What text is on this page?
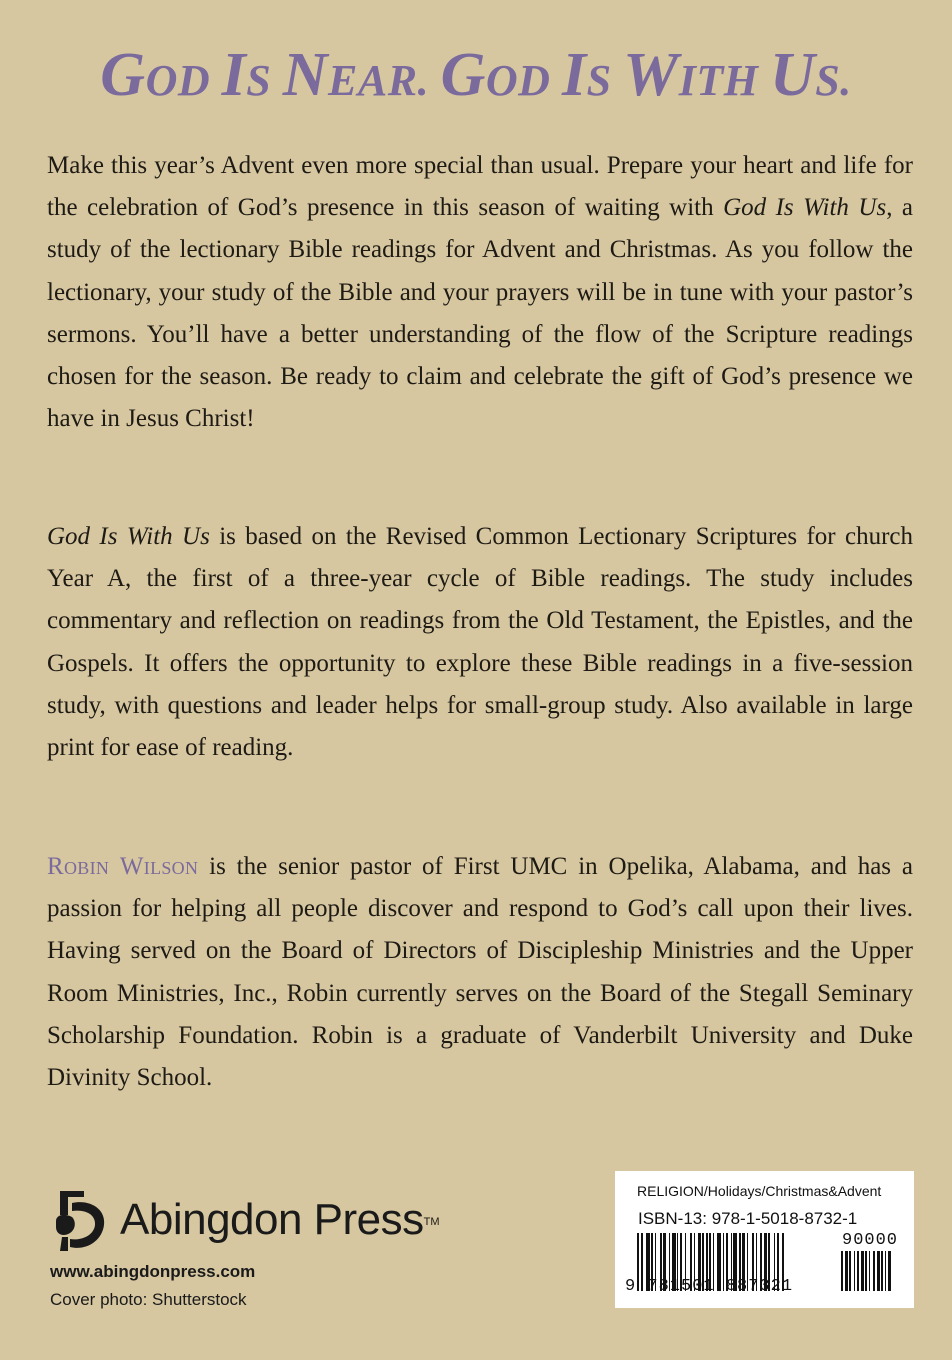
GOD IS NEAR. GOD IS WITH US.

Make this year’s Advent even more special than usual. Prepare your heart and life for the celebration of God’s presence in this season of waiting with God Is With Us, a study of the lectionary Bible readings for Advent and Christmas. As you follow the lectionary, your study of the Bible and your prayers will be in tune with your pastor’s sermons. You’ll have a better understanding of the flow of the Scripture readings chosen for the season. Be ready to claim and celebrate the gift of God’s presence we have in Jesus Christ!

God Is With Us is based on the Revised Common Lectionary Scriptures for church Year A, the first of a three-year cycle of Bible readings. The study includes commentary and reflection on readings from the Old Testament, the Epistles, and the Gospels. It offers the opportunity to explore these Bible readings in a five-session study, with questions and leader helps for small-group study. Also available in large print for ease of reading.

Robin Wilson is the senior pastor of First UMC in Opelika, Alabama, and has a passion for helping all people discover and respond to God’s call upon their lives. Having served on the Board of Directors of Discipleship Ministries and the Upper Room Ministries, Inc., Robin currently serves on the Board of the Stegall Seminary Scholarship Foundation. Robin is a graduate of Vanderbilt University and Duke Divinity School.

Abingdon Press TM
www.abingdonpress.com
Cover photo: Shutterstock
RELIGION/Holidays/Christmas&Advent
ISBN-13: 978-1-5018-8732-1
90000
9 781501 887321
